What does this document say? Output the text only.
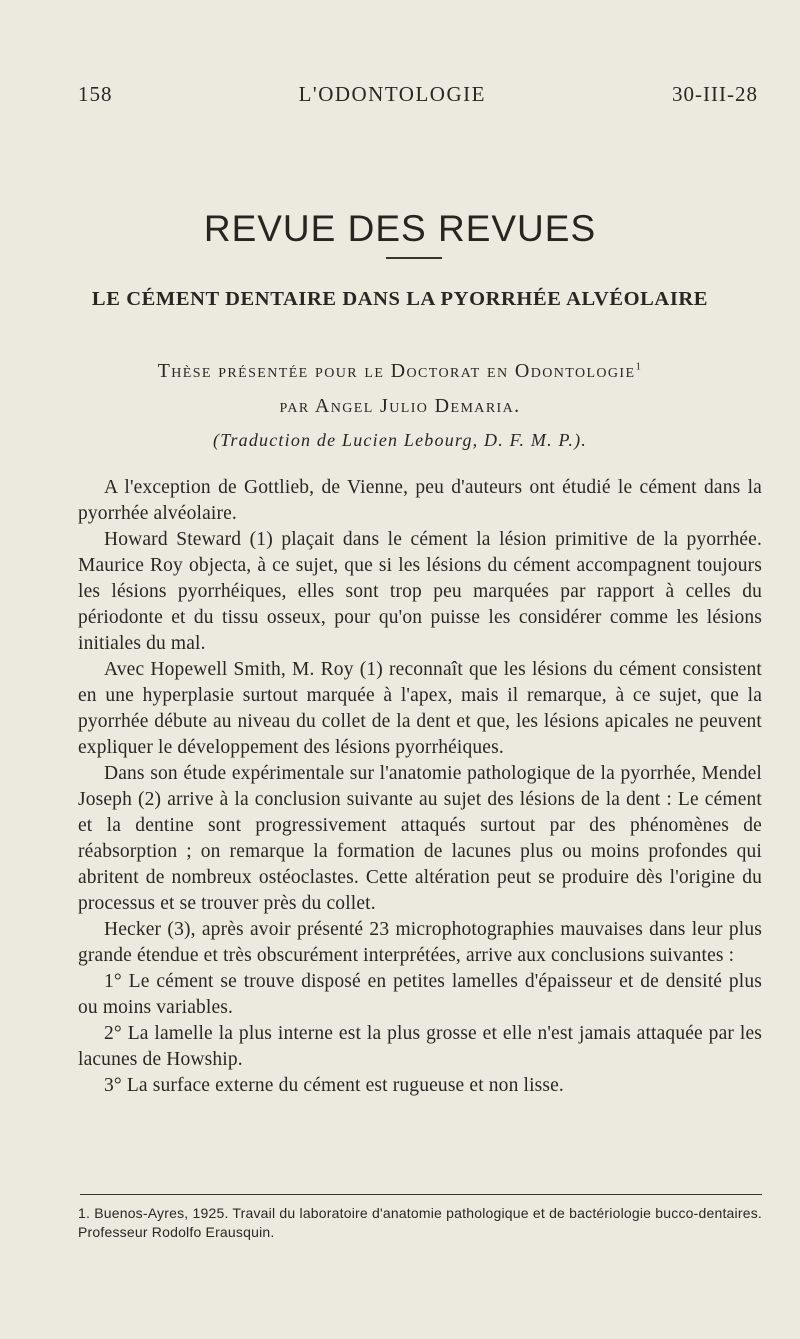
158	L'ODONTOLOGIE	30-III-28
REVUE DES REVUES
LE CÉMENT DENTAIRE DANS LA PYORRHÉE ALVÉOLAIRE
Thèse présentée pour le Doctorat en Odontologie$^1$
par Angel Julio Demaria.
(Traduction de Lucien Lebourg, D. F. M. P.).

A l'exception de Gottlieb, de Vienne, peu d'auteurs ont étudié le cément dans la pyorrhée alvéolaire.

Howard Steward (1) plaçait dans le cément la lésion primitive de la pyorrhée. Maurice Roy objecta, à ce sujet, que si les lésions du cément accompagnent toujours les lésions pyorrhéiques, elles sont trop peu marquées par rapport à celles du périodonte et du tissu osseux, pour qu'on puisse les considérer comme les lésions initiales du mal.

Avec Hopewell Smith, M. Roy (1) reconnaît que les lésions du cément consistent en une hyperplasie surtout marquée à l'apex, mais il remarque, à ce sujet, que la pyorrhée débute au niveau du collet de la dent et que, les lésions apicales ne peuvent expliquer le développement des lésions pyorrhéiques.

Dans son étude expérimentale sur l'anatomie pathologique de la pyorrhée, Mendel Joseph (2) arrive à la conclusion suivante au sujet des lésions de la dent : Le cément et la dentine sont progressivement attaqués surtout par des phénomènes de réabsorption ; on remarque la formation de lacunes plus ou moins profondes qui abritent de nombreux ostéoclastes. Cette altération peut se produire dès l'origine du processus et se trouver près du collet.

Hecker (3), après avoir présenté 23 microphotographies mauvaises dans leur plus grande étendue et très obscurément interprétées, arrive aux conclusions suivantes :

1° Le cément se trouve disposé en petites lamelles d'épaisseur et de densité plus ou moins variables.

2° La lamelle la plus interne est la plus grosse et elle n'est jamais attaquée par les lacunes de Howship.

3° La surface externe du cément est rugueuse et non lisse.

1. Buenos-Ayres, 1925. Travail du laboratoire d'anatomie pathologique et de bactériologie bucco-dentaires. Professeur Rodolfo Erausquin.
